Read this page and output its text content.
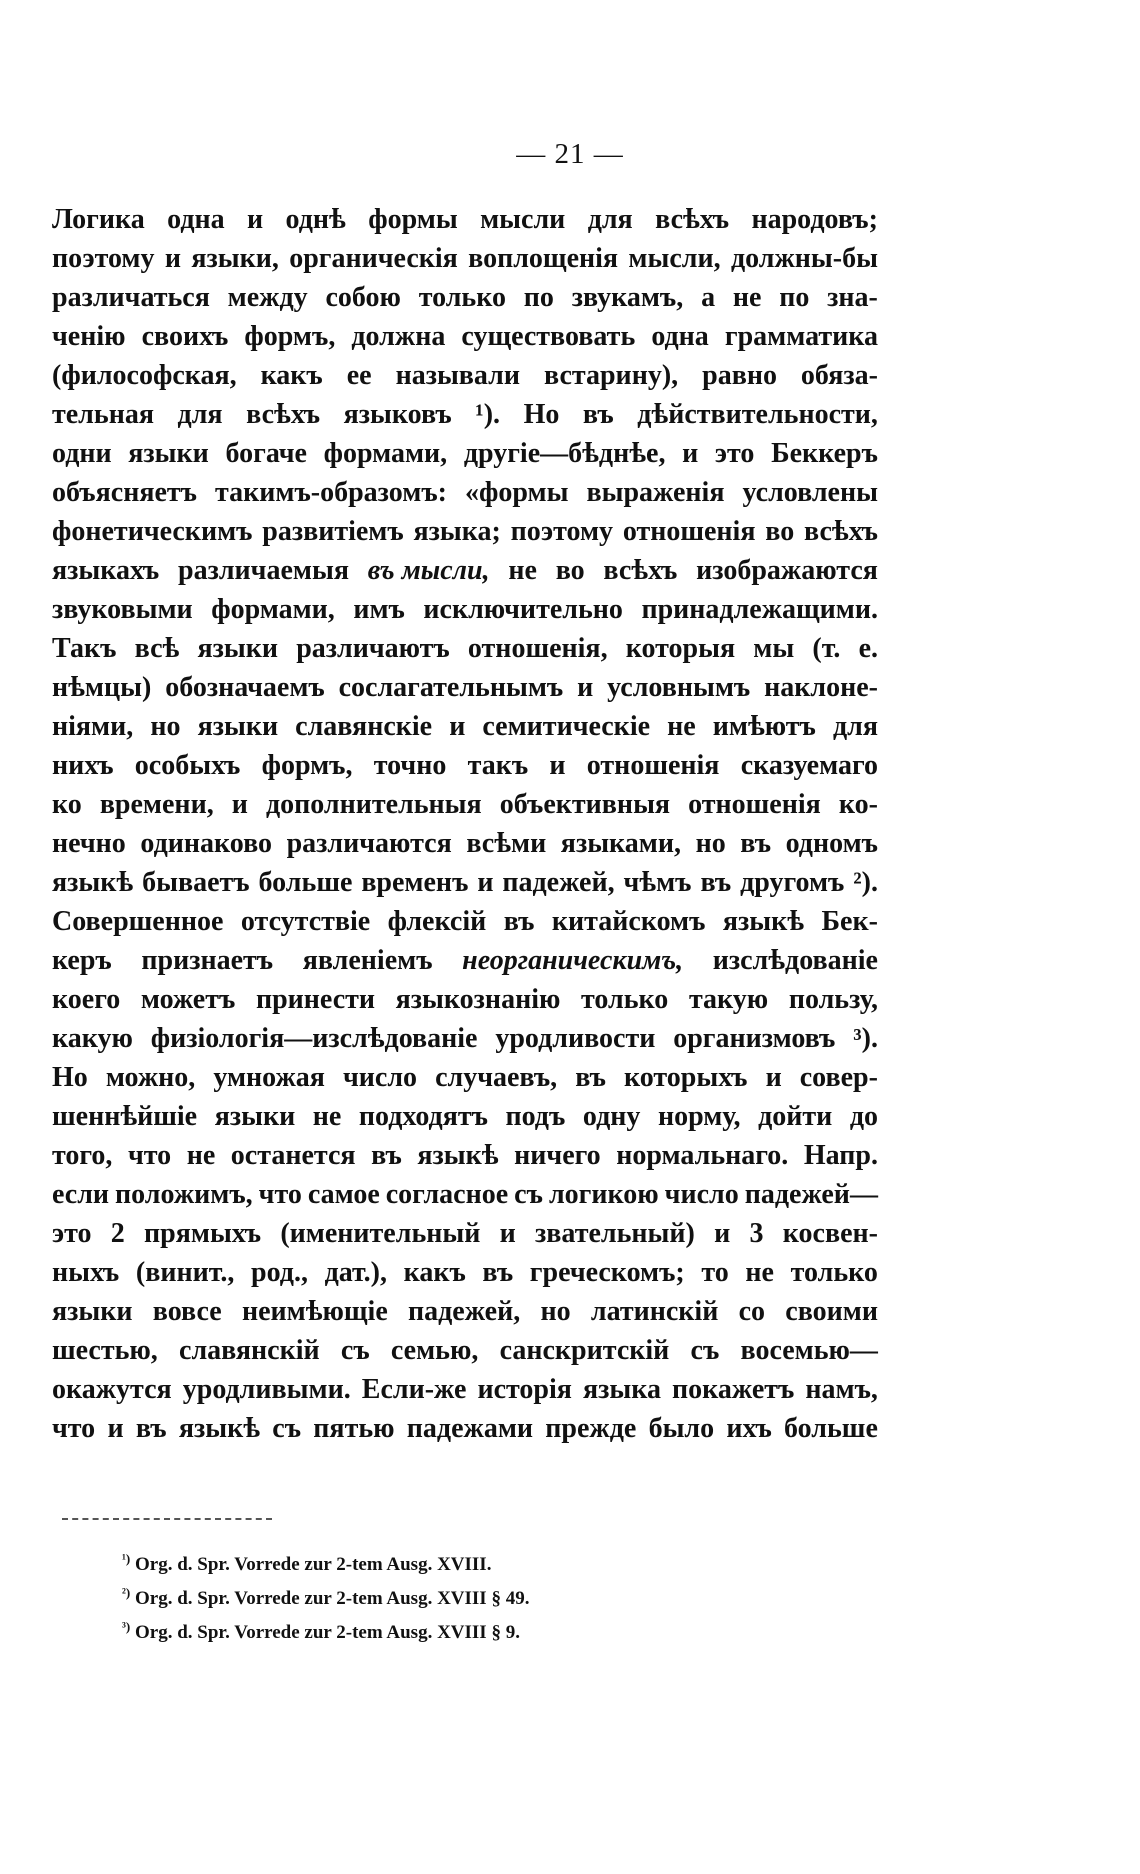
— 21 —
Логика одна и однѣ формы мысли для всѣхъ народовъ;
поэтому и языки, органическія воплощенія мысли, должны-бы
различаться между собою только по звукамъ, а не по зна-
ченію своихъ формъ, должна существовать одна грамматика
(философская, какъ ее называли встарину), равно обяза-
тельная для всѣхъ языковъ ¹). Но въ дѣйствительности,
одни языки богаче формами, другіе—бѣднѣе, и это Беккеръ
объясняетъ такимъ-образомъ: «формы выраженія условлены
фонетическимъ развитіемъ языка; поэтому отношенія во всѣхъ
языкахъ различаемыя въ мысли, не во всѣхъ изображаются
звуковыми формами, имъ исключительно принадлежащими.
Такъ всѣ языки различаютъ отношенія, которыя мы (т. е.
нѣмцы) обозначаемъ сослагательнымъ и условнымъ наклоне-
ніями, но языки славянскіе и семитическіе не имѣютъ для
нихъ особыхъ формъ, точно такъ и отношенія сказуемаго
ко времени, и дополнительныя объективныя отношенія ко-
нечно одинаково различаются всѣми языками, но въ одномъ
языкѣ бываетъ больше временъ и падежей, чѣмъ въ другомъ ²).
Совершенное отсутствіе флексій въ китайскомъ языкѣ Бек-
керъ признаетъ явленіемъ неорганическимъ, изслѣдованіе
коего можетъ принести языкознанію только такую пользу,
какую физіологія—изслѣдованіе уродливости организмовъ ³).
Но можно, умножая число случаевъ, въ которыхъ и совер-
шеннѣйшіе языки не подходятъ подъ одну норму, дойти до
того, что не останется въ языкѣ ничего нормальнаго. Напр.
если положимъ, что самое согласное съ логикою число падежей—
это 2 прямыхъ (именительный и звательный) и 3 косвен-
ныхъ (винит., род., дат.), какъ въ греческомъ; то не только
языки вовсе неимѣющіе падежей, но латинскій со своими
шестью, славянскій съ семью, санскритскій съ восемью—
окажутся уродливыми. Если-же исторія языка покажетъ намъ,
что и въ языкѣ съ пятью падежами прежде было ихъ больше
$^{^1)}$ Org. d. Spr. Vorrede zur 2-tem Ausg. XVIII.
$^{^2)}$ Org. d. Spr. Vorrede zur 2-tem Ausg. XVIII § 49.
$^{^3)}$ Org. d. Spr. Vorrede zur 2-tem Ausg. XVIII § 9.
